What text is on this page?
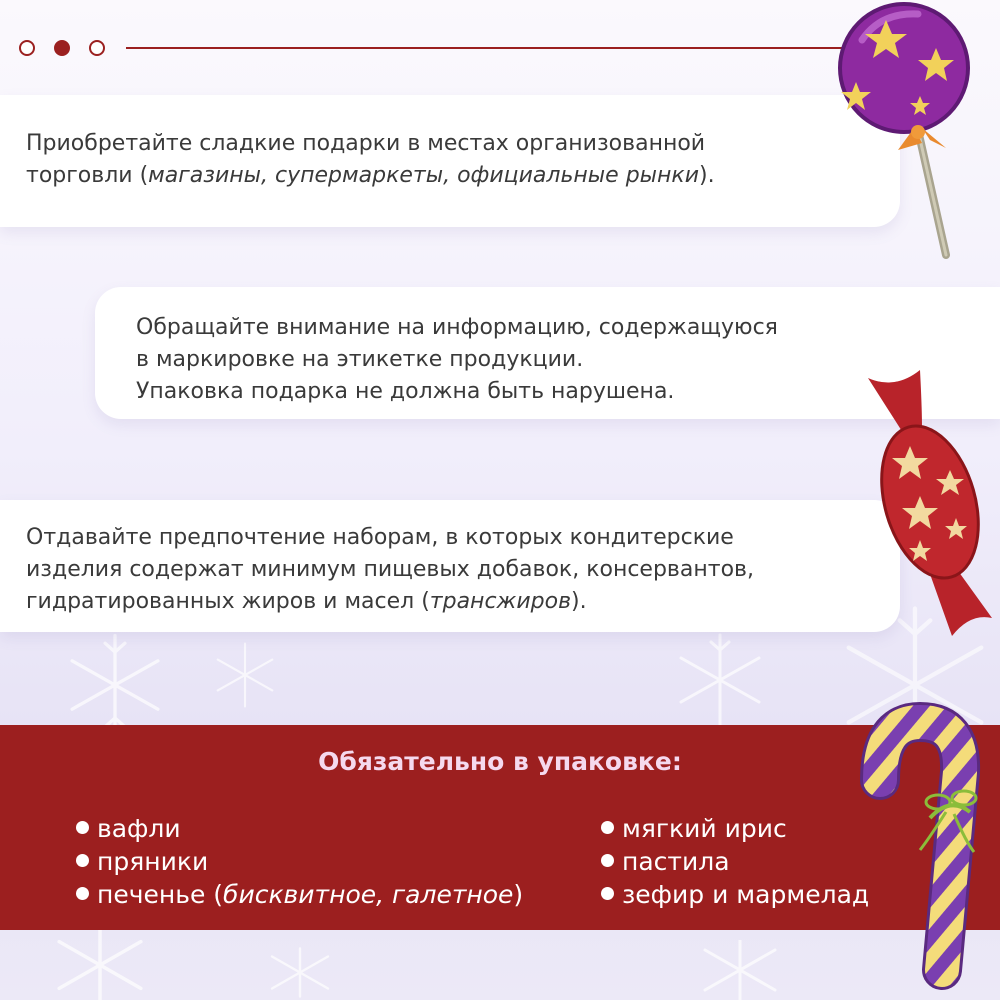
Приобретайте сладкие подарки в местах организованной
торговли (магазины, супермаркеты, официальные рынки).
Обращайте внимание на информацию, содержащуюся
в маркировке на этикетке продукции.
Упаковка подарка не должна быть нарушена.
Отдавайте предпочтение наборам, в которых кондитерские
изделия содержат минимум пищевых добавок, консервантов,
гидратированных жиров и масел (трансжиров).
Обязательно в упаковке:
вафли
пряники
печенье (бисквитное, галетное)
мягкий ирис
пастила
зефир и мармелад
